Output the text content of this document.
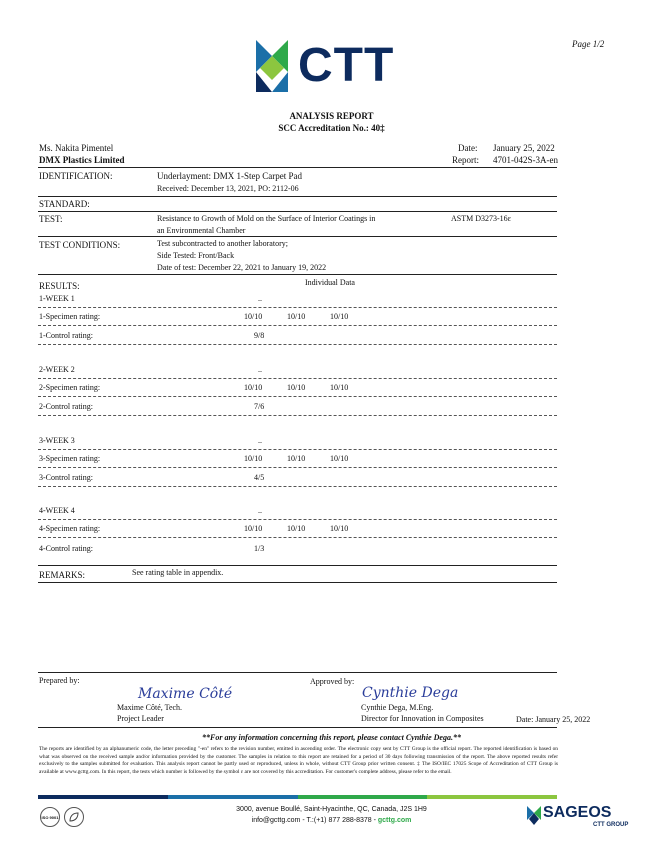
Page 1/2
CTT
ANALYSIS REPORT
SCC Accreditation No.: 40‡
Ms. Nakita Pimentel
DMX Plastics Limited
Date: January 25, 2022
Report: 4701-042S-3A-en
IDENTIFICATION:	Underlayment: DMX 1-Step Carpet Pad
Received: December 13, 2021, PO: 2112-06
STANDARD:
TEST:	Resistance to Growth of Mold on the Surface of Interior Coatings in
an Environmental Chamber
ASTM D3273-16ε
TEST CONDITIONS:	Test subcontracted to another laboratory;
Side Tested: Front/Back
Date of test: December 22, 2021 to January 19, 2022
RESULTS:	Individual Data
1-WEEK 1	..
1-Specimen rating:	10/10	10/10	10/10
1-Control rating:	9/8
2-WEEK 2	..
2-Specimen rating:	10/10	10/10	10/10
2-Control rating:	7/6
3-WEEK 3	..
3-Specimen rating:	10/10	10/10	10/10
3-Control rating:	4/5
4-WEEK 4	..
4-Specimen rating:	10/10	10/10	10/10
4-Control rating:	1/3
REMARKS:	See rating table in appendix.
Prepared by:
Maxime Côté
Maxime Côté, Tech.
Project Leader
Approved by:
Cynthie Dega
Cynthie Dega, M.Eng.
Director for Innovation in Composites	Date: January 25, 2022
**For any information concerning this report, please contact Cynthie Dega.**
The reports are identified by an alphanumeric code, the letter preceding "-en" refers to the revision number, emitted in ascending order. The electronic copy sent by CTT Group is the official report. The reported identification is based on what was observed on the received sample and/or information provided by the customer. The samples in relation to this report are retained for a period of 30 days following transmission of the report. The above reported results refer exclusively to the samples submitted for evaluation. This analysis report cannot be partly used or reproduced, unless in whole, without CTT Group prior written consent. ‡ The ISO/IEC 17025 Scope of Accreditation of CTT Group is available at www.gcttg.com. In this report, the tests which number is followed by the symbol ε are not covered by this accreditation. For customer's complete address, please refer to the email.
ISO 9001
3000, avenue Boullé, Saint-Hyacinthe, QC, Canada, J2S 1H9
info@gcttg.com - T.:(+1) 877 288-8378 - gcttg.com	SAGEOS
CTT GROUP
